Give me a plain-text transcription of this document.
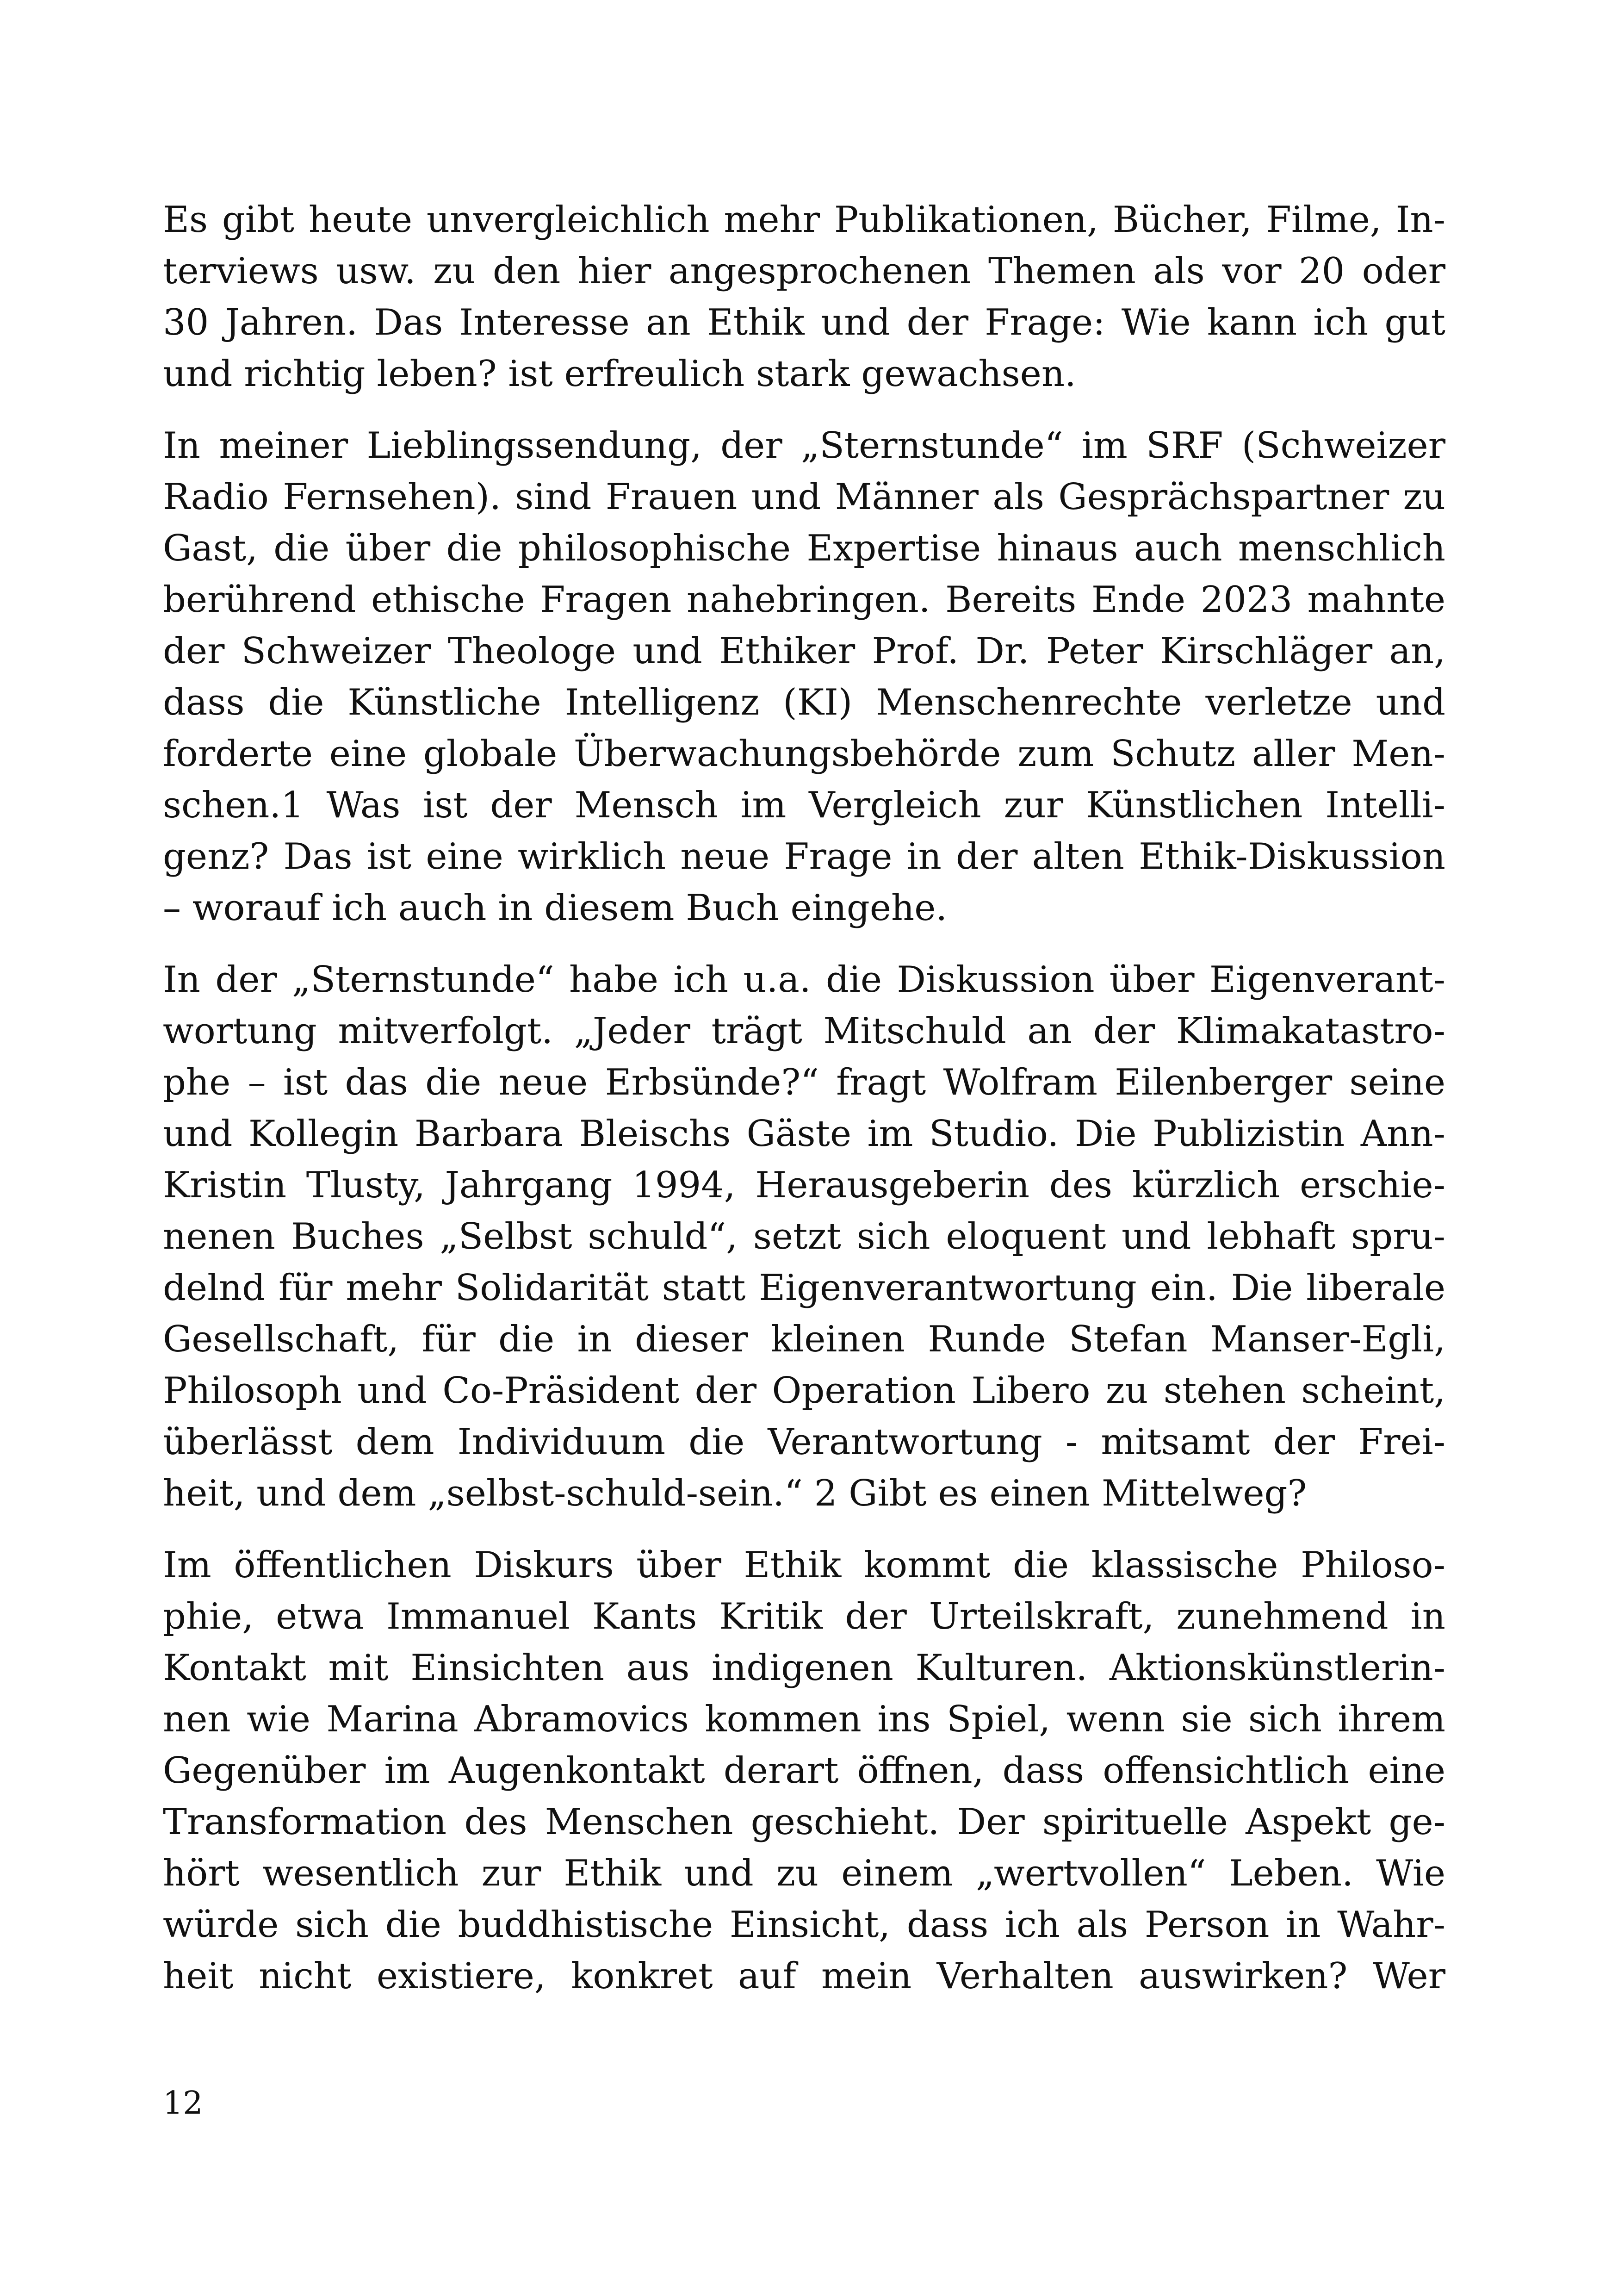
Es gibt heute unvergleichlich mehr Publikationen, Bücher, Filme, In-
terviews usw. zu den hier angesprochenen Themen als vor 20 oder
30 Jahren. Das Interesse an Ethik und der Frage: Wie kann ich gut
und richtig leben? ist erfreulich stark gewachsen.
In meiner Lieblingssendung, der „Sternstunde“ im SRF (Schweizer
Radio Fernsehen). sind Frauen und Männer als Gesprächspartner zu
Gast, die über die philosophische Expertise hinaus auch menschlich
berührend ethische Fragen nahebringen. Bereits Ende 2023 mahnte
der Schweizer Theologe und Ethiker Prof. Dr. Peter Kirschläger an,
dass die Künstliche Intelligenz (KI) Menschenrechte verletze und
forderte eine globale Überwachungsbehörde zum Schutz aller Men-
schen.1 Was ist der Mensch im Vergleich zur Künstlichen Intelli-
genz? Das ist eine wirklich neue Frage in der alten Ethik-Diskussion
– worauf ich auch in diesem Buch eingehe.
In der „Sternstunde“ habe ich u.a. die Diskussion über Eigenverant-
wortung mitverfolgt. „Jeder trägt Mitschuld an der Klimakatastro-
phe – ist das die neue Erbsünde?“ fragt Wolfram Eilenberger seine
und Kollegin Barbara Bleischs Gäste im Studio. Die Publizistin Ann-
Kristin Tlusty, Jahrgang 1994, Herausgeberin des kürzlich erschie-
nenen Buches „Selbst schuld“, setzt sich eloquent und lebhaft spru-
delnd für mehr Solidarität statt Eigenverantwortung ein. Die liberale
Gesellschaft, für die in dieser kleinen Runde Stefan Manser-Egli,
Philosoph und Co-Präsident der Operation Libero zu stehen scheint,
überlässt dem Individuum die Verantwortung - mitsamt der Frei-
heit, und dem „selbst-schuld-sein.“ 2 Gibt es einen Mittelweg?
Im öffentlichen Diskurs über Ethik kommt die klassische Philoso-
phie, etwa Immanuel Kants Kritik der Urteilskraft, zunehmend in
Kontakt mit Einsichten aus indigenen Kulturen. Aktionskünstlerin-
nen wie Marina Abramovics kommen ins Spiel, wenn sie sich ihrem
Gegenüber im Augenkontakt derart öffnen, dass offensichtlich eine
Transformation des Menschen geschieht. Der spirituelle Aspekt ge-
hört wesentlich zur Ethik und zu einem „wertvollen“ Leben. Wie
würde sich die buddhistische Einsicht, dass ich als Person in Wahr-
heit nicht existiere, konkret auf mein Verhalten auswirken? Wer
12
